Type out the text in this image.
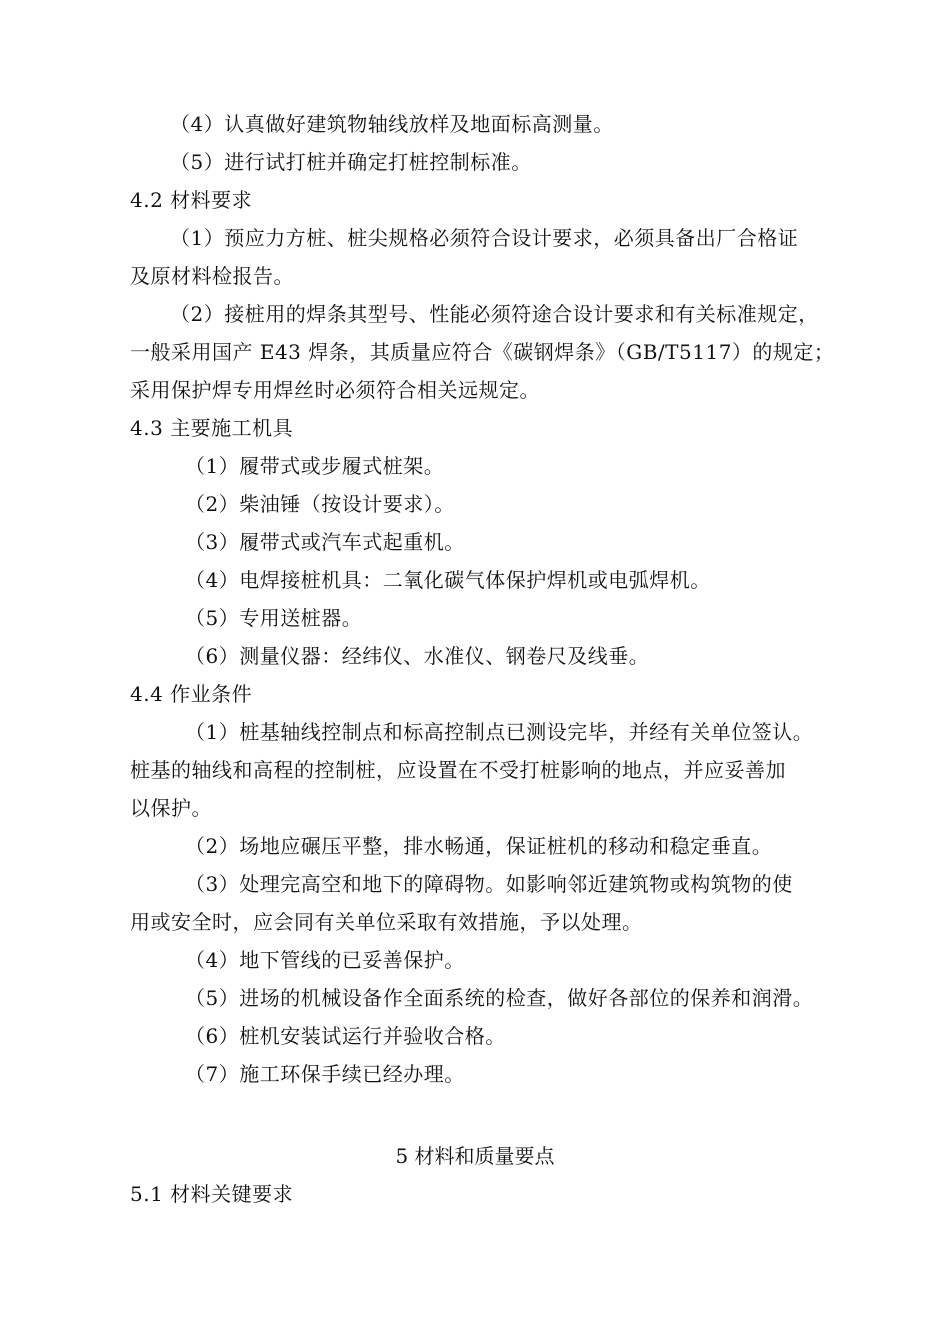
（4）认真做好建筑物轴线放样及地面标高测量。
（5）进行试打桩并确定打桩控制标准。
4.2 材料要求
（1）预应力方桩、桩尖规格必须符合设计要求，必须具备出厂合格证
及原材料检报告。
（2）接桩用的焊条其型号、性能必须符途合设计要求和有关标准规定，
一般采用国产 E43 焊条，其质量应符合《碳钢焊条》（GB/T5117）的规定；
采用保护焊专用焊丝时必须符合相关远规定。
4.3 主要施工机具
（1）履带式或步履式桩架。
（2）柴油锤（按设计要求）。
（3）履带式或汽车式起重机。
（4）电焊接桩机具：二氧化碳气体保护焊机或电弧焊机。
（5）专用送桩器。
（6）测量仪器：经纬仪、水准仪、钢卷尺及线垂。
4.4 作业条件
（1）桩基轴线控制点和标高控制点已测设完毕，并经有关单位签认。
桩基的轴线和高程的控制桩，应设置在不受打桩影响的地点，并应妥善加
以保护。
（2）场地应碾压平整，排水畅通，保证桩机的移动和稳定垂直。
（3）处理完高空和地下的障碍物。如影响邻近建筑物或构筑物的使
用或安全时，应会同有关单位采取有效措施，予以处理。
（4）地下管线的已妥善保护。
（5）进场的机械设备作全面系统的检查，做好各部位的保养和润滑。
（6）桩机安装试运行并验收合格。
（7）施工环保手续已经办理。
5 材料和质量要点
5.1 材料关键要求
